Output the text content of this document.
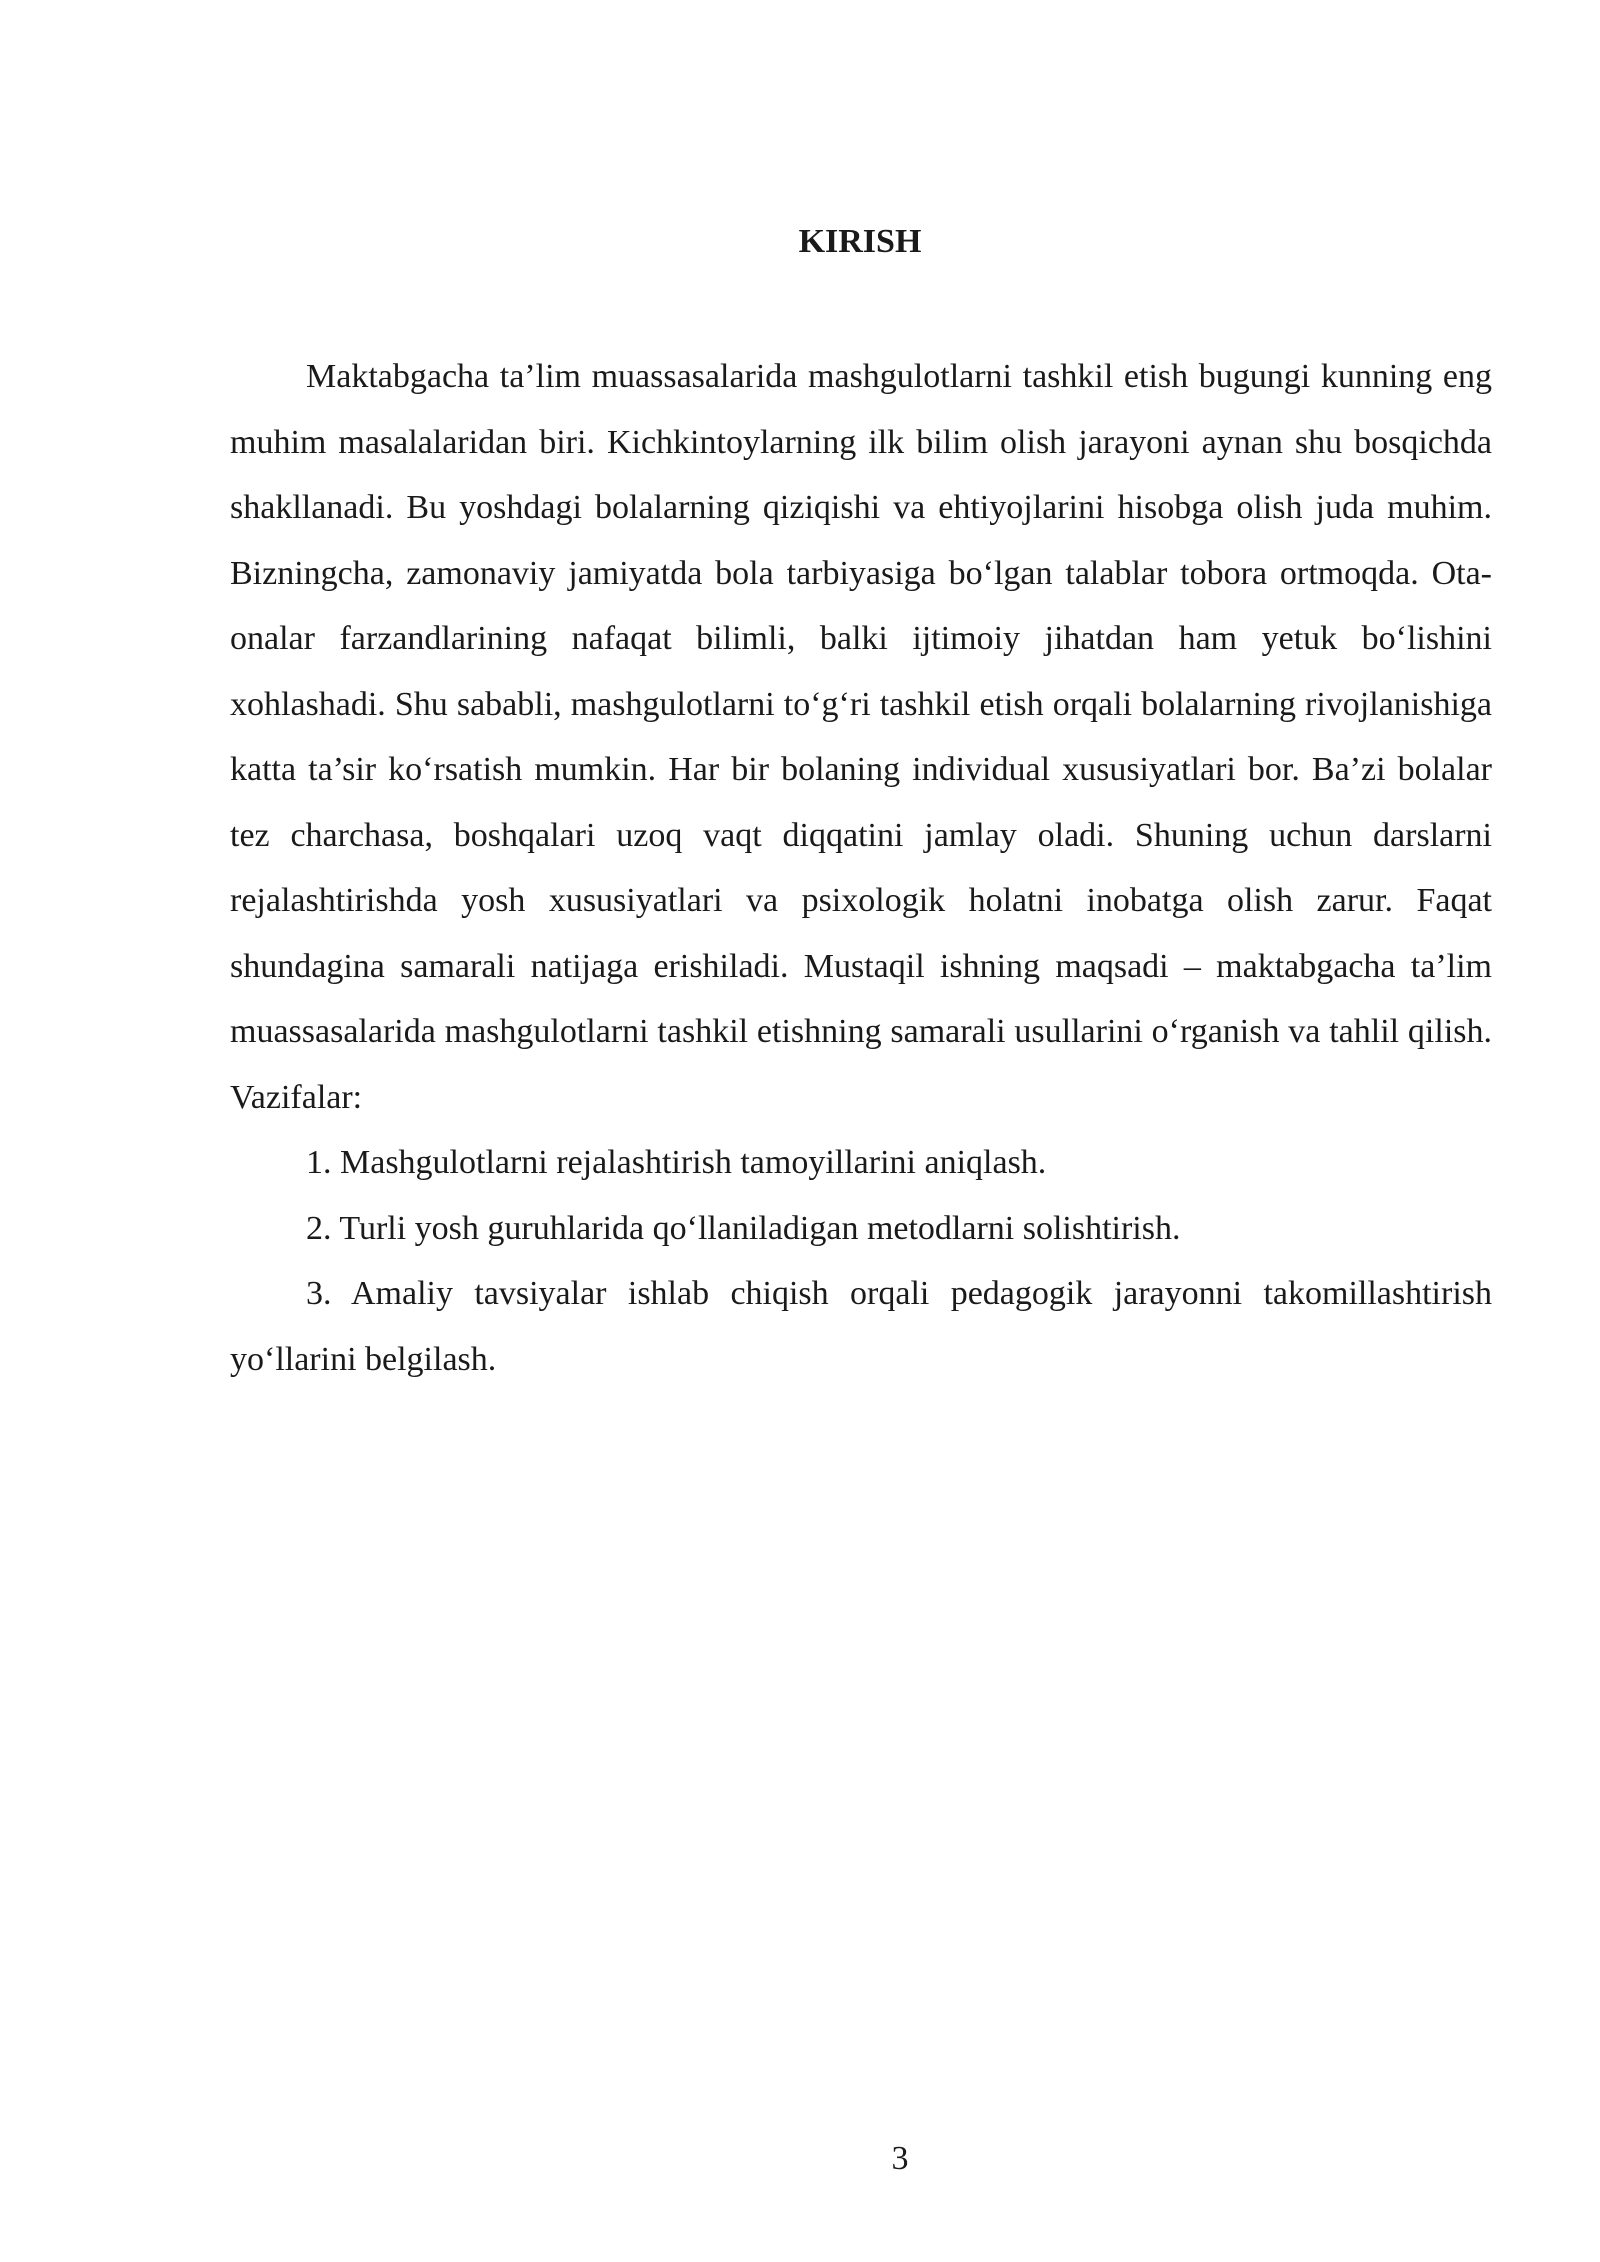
KIRISH

Maktabgacha ta’lim muassasalarida mashgulotlarni tashkil etish bugungi kunning eng muhim masalalaridan biri. Kichkintoylarning ilk bilim olish jarayoni aynan shu bosqichda shakllanadi. Bu yoshdagi bolalarning qiziqishi va ehtiyojlarini hisobga olish juda muhim. Bizningcha, zamonaviy jamiyatda bola tarbiyasiga bo‘lgan talablar tobora ortmoqda. Ota-onalar farzandlarining nafaqat bilimli, balki ijtimoiy jihatdan ham yetuk bo‘lishini xohlashadi. Shu sababli, mashgulotlarni to‘g‘ri tashkil etish orqali bolalarning rivojlanishiga katta ta’sir ko‘rsatish mumkin. Har bir bolaning individual xususiyatlari bor. Ba’zi bolalar tez charchasa, boshqalari uzoq vaqt diqqatini jamlay oladi. Shuning uchun darslarni rejalashtirishda yosh xususiyatlari va psixologik holatni inobatga olish zarur. Faqat shundagina samarali natijaga erishiladi. Mustaqil ishning maqsadi – maktabgacha ta’lim muassasalarida mashgulotlarni tashkil etishning samarali usullarini o‘rganish va tahlil qilish. Vazifalar:

1. Mashgulotlarni rejalashtirish tamoyillarini aniqlash.

2. Turli yosh guruhlarida qo‘llaniladigan metodlarni solishtirish.

3. Amaliy tavsiyalar ishlab chiqish orqali pedagogik jarayonni takomillashtirish yo‘llarini belgilash.

3
